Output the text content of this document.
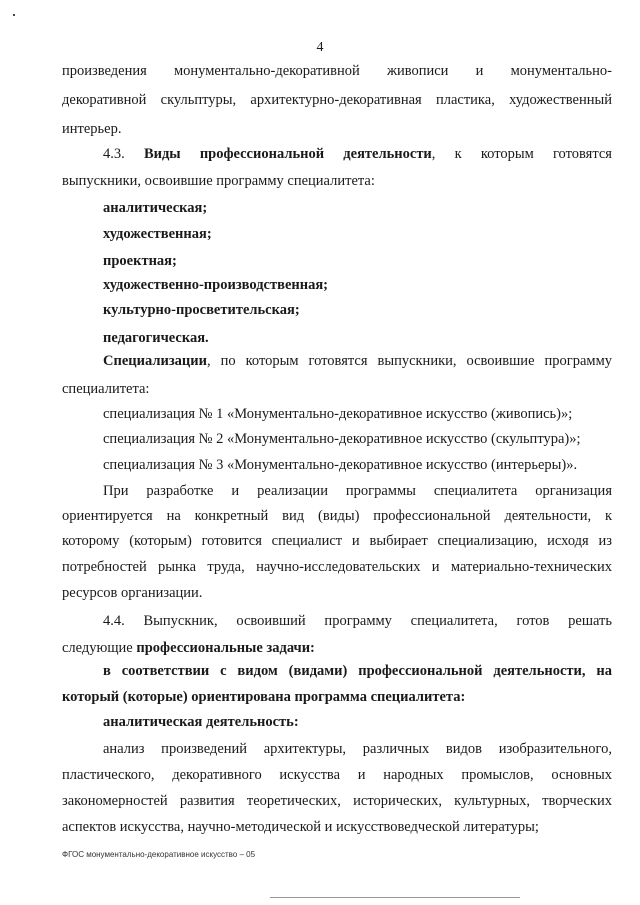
4
произведения монументально-декоративной живописи и монументально-
декоративной скульптуры, архитектурно-декоративная пластика, художественный
интерьер.
4.3. Виды профессиональной деятельности, к которым готовятся
выпускники, освоившие программу специалитета:
аналитическая;
художественная;
проектная;
художественно-производственная;
культурно-просветительская;
педагогическая.
Специализации, по которым готовятся выпускники, освоившие программу
специалитета:
специализация № 1 «Монументально-декоративное искусство (живопись)»;
специализация № 2 «Монументально-декоративное искусство (скульптура)»;
специализация № 3 «Монументально-декоративное искусство (интерьеры)».
При разработке и реализации программы специалитета организация
ориентируется на конкретный вид (виды) профессиональной деятельности, к
которому (которым) готовится специалист и выбирает специализацию, исходя из
потребностей рынка труда, научно-исследовательских и материально-технических
ресурсов организации.
4.4. Выпускник, освоивший программу специалитета, готов решать
следующие профессиональные задачи:
в соответствии с видом (видами) профессиональной деятельности, на
который (которые) ориентирована программа специалитета:
аналитическая деятельность:
анализ произведений архитектуры, различных видов изобразительного,
пластического, декоративного искусства и народных промыслов, основных
закономерностей развития теоретических, исторических, культурных, творческих
аспектов искусства, научно-методической и искусствоведческой литературы;
ФГОС монументально-декоративное искусство – 05
